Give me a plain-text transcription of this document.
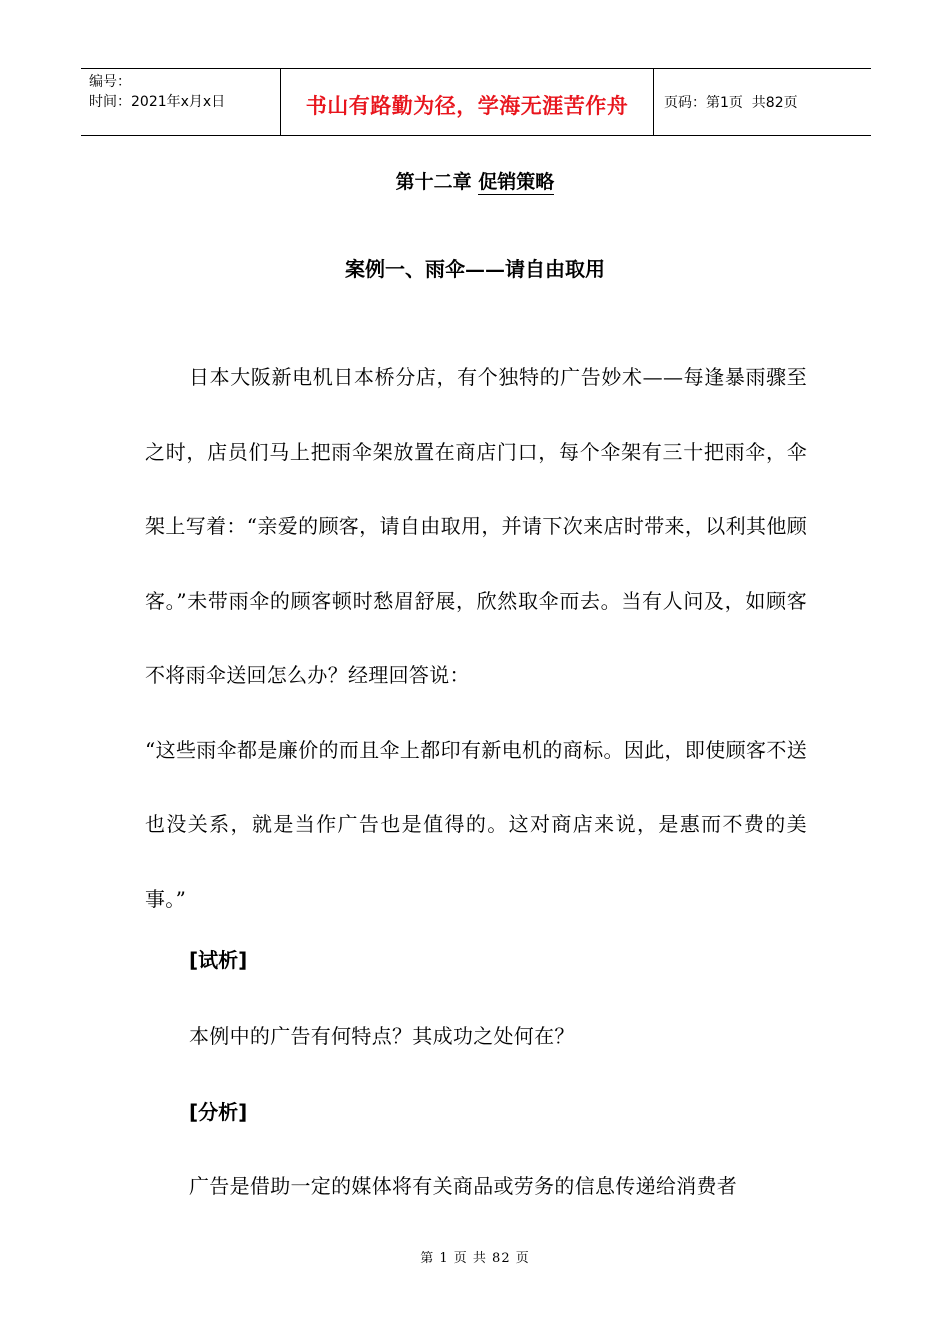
编号：
时间：2021年x月x日	书山有路勤为径，学海无涯苦作舟	页码：第1页  共82页
第十二章 促销策略
案例一、雨伞——请自由取用

日本大阪新电机日本桥分店，有个独特的广告妙术——每逢暴雨骤至之时，店员们马上把雨伞架放置在商店门口，每个伞架有三十把雨伞，伞架上写着：“亲爱的顾客，请自由取用，并请下次来店时带来，以利其他顾客。”未带雨伞的顾客顿时愁眉舒展，欣然取伞而去。当有人问及，如顾客不将雨伞送回怎么办？经理回答说：

“这些雨伞都是廉价的而且伞上都印有新电机的商标。因此，即使顾客不送也没关系，就是当作广告也是值得的。这对商店来说，是惠而不费的美事。”

[试析]
本例中的广告有何特点？其成功之处何在？
[分析]
广告是借助一定的媒体将有关商品或劳务的信息传递给消费者
第 1 页 共 82 页
